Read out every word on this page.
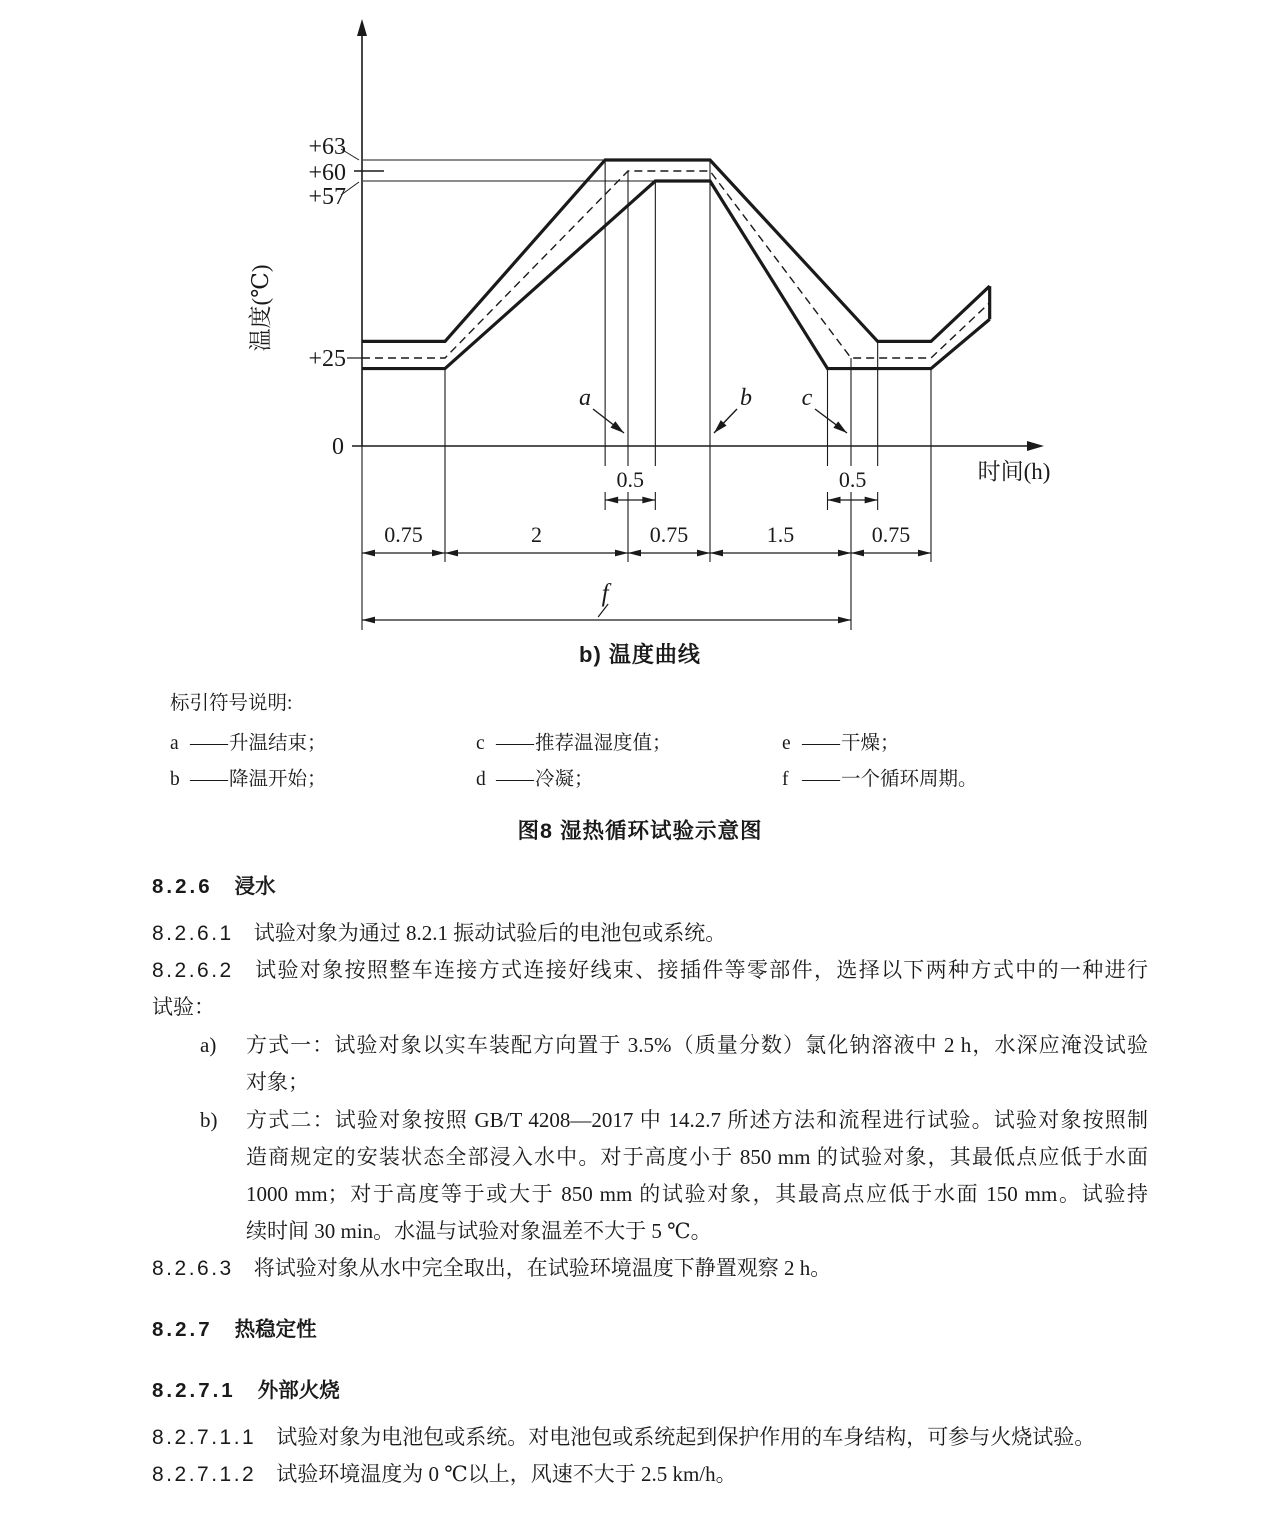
+63
+60
+57
+25
0
温度(℃)
时间(h)
0.5	0.5
0.75	2	0.75	1.5	0.75
f
a	b c
b) 温度曲线
标引符号说明:
a —— 升温结束；
b —— 降温开始；
c —— 推荐温湿度值；
d —— 冷凝；
e —— 干燥；
f —— 一个循环周期。
图8 湿热循环试验示意图
8.2.6 浸水
8.2.6.1 试验对象为通过 8.2.1 振动试验后的电池包或系统。
8.2.6.2 试验对象按照整车连接方式连接好线束、接插件等零部件，选择以下两种方式中的一种进行
试验：
a)	方式一：试验对象以实车装配方向置于 3.5%（质量分数）氯化钠溶液中 2 h，水深应淹没试验
对象；
b)	方式二：试验对象按照 GB/T 4208—2017 中 14.2.7 所述方法和流程进行试验。试验对象按照制
造商规定的安装状态全部浸入水中。对于高度小于 850 mm 的试验对象，其最低点应低于水面
1000 mm；对于高度等于或大于 850 mm 的试验对象，其最高点应低于水面 150 mm。试验持
续时间 30 min。水温与试验对象温差不大于 5 ℃。
8.2.6.3 将试验对象从水中完全取出，在试验环境温度下静置观察 2 h。
8.2.7 热稳定性
8.2.7.1 外部火烧
8.2.7.1.1 试验对象为电池包或系统。对电池包或系统起到保护作用的车身结构，可参与火烧试验。
8.2.7.1.2 试验环境温度为 0 ℃以上，风速不大于 2.5 km/h。
